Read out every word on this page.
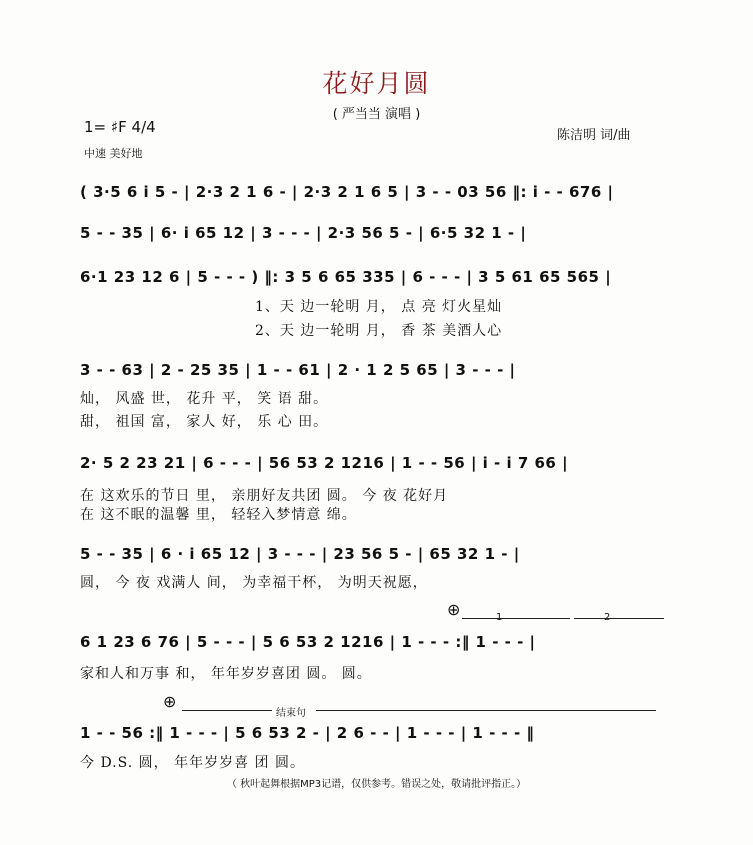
花好月圆
( 严当当 演唱 )
1= ♯F 4/4
中速 美好地
陈洁明 词/曲
( 3·5 6 i 5 - | 2·3 2 1 6 - | 2·3 2 1 6 5 | 3 - - 03 56 ‖: i - - 676 |
5 - - 35 | 6· i 65 12 | 3 - - - | 2·3 56 5 - | 6·5 32 1 - |
6·1 23 12 6 | 5 - - - ) ‖: 3 5 6 65 335 | 6 - - - | 3 5 61 65 565 |
1、天 边一轮明 月， 点 亮 灯火星灿
2、天 边一轮明 月， 香 茶 美酒人心
3 - - 63 | 2 - 25 35 | 1 - - 61 | 2 · 1 2 5 65 | 3 - - - |
灿， 风盛 世， 花升 平， 笑 语 甜。
甜， 祖国 富， 家人 好， 乐 心 田。
2· 5 2 23 21 | 6 - - - | 56 53 2 1216 | 1 - - 56 | i - i 7 66 |
在 这欢乐的节日 里， 亲朋好友共团 圆。 今 夜 花好月
在 这不眠的温馨 里， 轻轻入梦情意 绵。
5 - - 35 | 6 · i 65 12 | 3 - - - | 23 56 5 - | 65 32 1 - |
圆， 今 夜 戏满人 间， 为幸福干杯， 为明天祝愿，
⊕	1	2
6 1 23 6 76 | 5 - - - | 5 6 53 2 1216 | 1 - - - :‖ 1 - - - |
家和人和万事 和， 年年岁岁喜团 圆。 圆。
⊕
结束句
1 - - 56 :‖ 1 - - - | 5 6 53 2 - | 2 6 - - | 1 - - - | 1 - - - ‖
今 D.S. 圆， 年年岁岁喜 团 圆。
（ 秋叶起舞根据MP3记谱，仅供参考。错误之处，敬请批评指正。）
